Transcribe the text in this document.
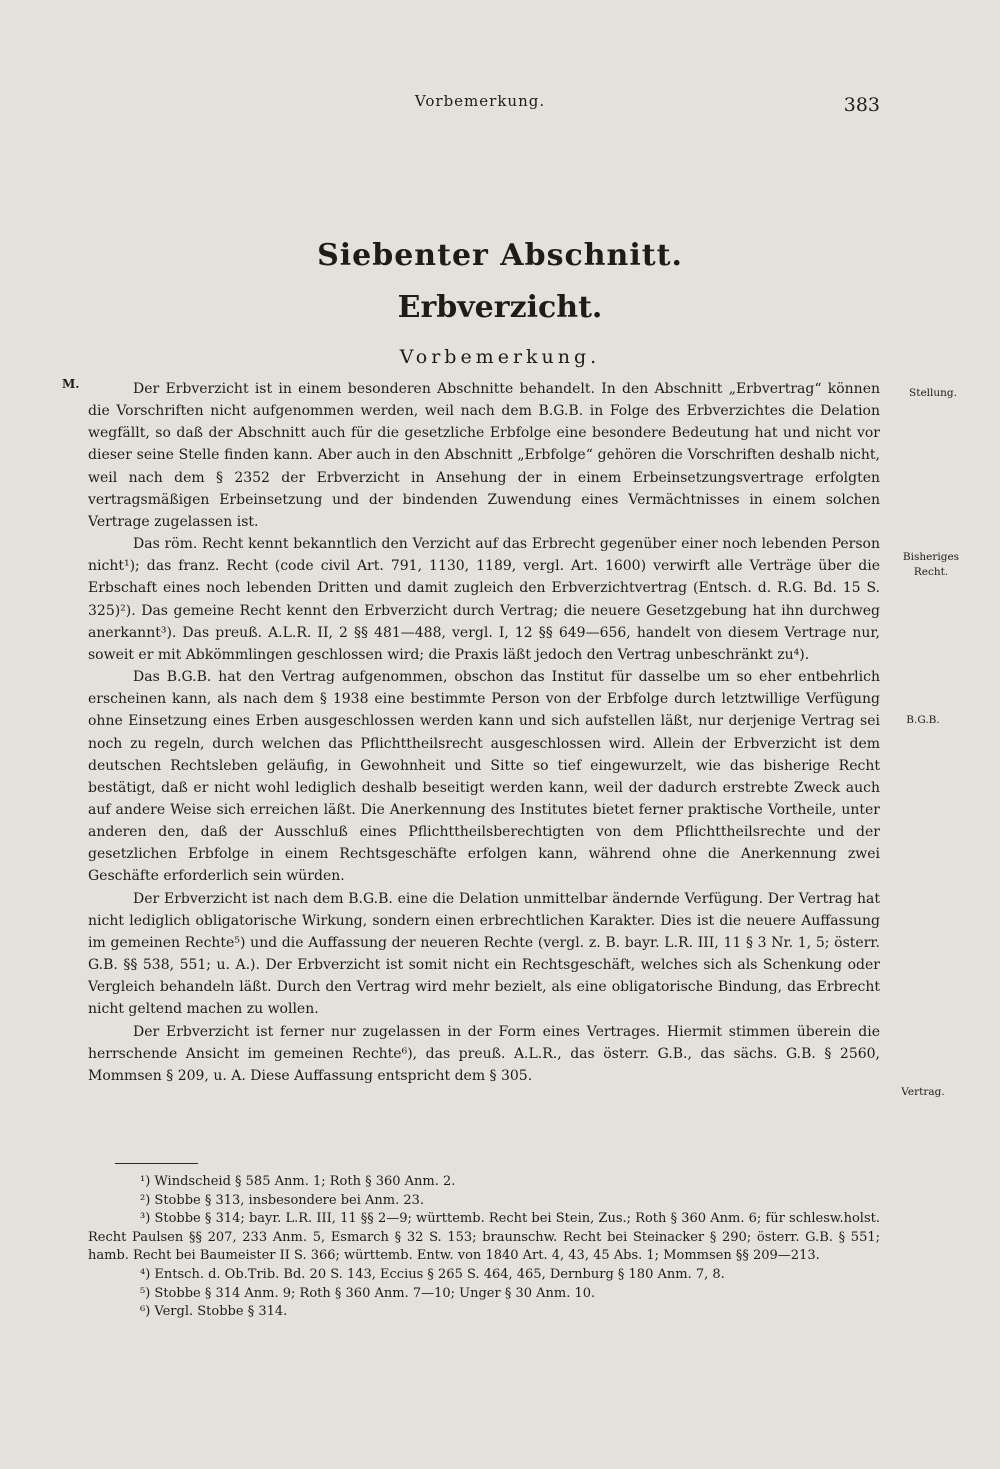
Vorbemerkung.	383
Siebenter Abschnitt.
Erbverzicht.
Vorbemerkung.
M.
Stellung.
Bisheriges Recht.
B.G.B.
Vertrag.

Der Erbverzicht ist in einem besonderen Abschnitte behandelt. In den Abschnitt „Erbvertrag“ können die Vorschriften nicht aufgenommen werden, weil nach dem B.G.B. in Folge des Erbverzichtes die Delation wegfällt, so daß der Abschnitt auch für die gesetzliche Erbfolge eine besondere Bedeutung hat und nicht vor dieser seine Stelle finden kann. Aber auch in den Abschnitt „Erbfolge“ gehören die Vorschriften deshalb nicht, weil nach dem § 2352 der Erbverzicht in Ansehung der in einem Erbeinsetzungsvertrage erfolgten vertragsmäßigen Erbeinsetzung und der bindenden Zuwendung eines Vermächtnisses in einem solchen Vertrage zugelassen ist.

Das röm. Recht kennt bekanntlich den Verzicht auf das Erbrecht gegenüber einer noch lebenden Person nicht¹); das franz. Recht (code civil Art. 791, 1130, 1189, vergl. Art. 1600) verwirft alle Verträge über die Erbschaft eines noch lebenden Dritten und damit zugleich den Erbverzichtvertrag (Entsch. d. R.G. Bd. 15 S. 325)²). Das gemeine Recht kennt den Erbverzicht durch Vertrag; die neuere Gesetzgebung hat ihn durchweg anerkannt³). Das preuß. A.L.R. II, 2 §§ 481—488, vergl. I, 12 §§ 649—656, handelt von diesem Vertrage nur, soweit er mit Abkömmlingen geschlossen wird; die Praxis läßt jedoch den Vertrag unbeschränkt zu⁴).

Das B.G.B. hat den Vertrag aufgenommen, obschon das Institut für dasselbe um so eher entbehrlich erscheinen kann, als nach dem § 1938 eine bestimmte Person von der Erbfolge durch letztwillige Verfügung ohne Einsetzung eines Erben ausgeschlossen werden kann und sich aufstellen läßt, nur derjenige Vertrag sei noch zu regeln, durch welchen das Pflichttheilsrecht ausgeschlossen wird. Allein der Erbverzicht ist dem deutschen Rechtsleben geläufig, in Gewohnheit und Sitte so tief eingewurzelt, wie das bisherige Recht bestätigt, daß er nicht wohl lediglich deshalb beseitigt werden kann, weil der dadurch erstrebte Zweck auch auf andere Weise sich erreichen läßt. Die Anerkennung des Institutes bietet ferner praktische Vortheile, unter anderen den, daß der Ausschluß eines Pflichttheilsberechtigten von dem Pflichttheilsrechte und der gesetzlichen Erbfolge in einem Rechtsgeschäfte erfolgen kann, während ohne die Anerkennung zwei Geschäfte erforderlich sein würden.

Der Erbverzicht ist nach dem B.G.B. eine die Delation unmittelbar ändernde Verfügung. Der Vertrag hat nicht lediglich obligatorische Wirkung, sondern einen erbrechtlichen Karakter. Dies ist die neuere Auffassung im gemeinen Rechte⁵) und die Auffassung der neueren Rechte (vergl. z. B. bayr. L.R. III, 11 § 3 Nr. 1, 5; österr. G.B. §§ 538, 551; u. A.). Der Erbverzicht ist somit nicht ein Rechtsgeschäft, welches sich als Schenkung oder Vergleich behandeln läßt. Durch den Vertrag wird mehr bezielt, als eine obligatorische Bindung, das Erbrecht nicht geltend machen zu wollen.

Der Erbverzicht ist ferner nur zugelassen in der Form eines Vertrages. Hiermit stimmen überein die herrschende Ansicht im gemeinen Rechte⁶), das preuß. A.L.R., das österr. G.B., das sächs. G.B. § 2560, Mommsen § 209, u. A. Diese Auffassung entspricht dem § 305.

¹) Windscheid § 585 Anm. 1; Roth § 360 Anm. 2.

²) Stobbe § 313, insbesondere bei Anm. 23.

³) Stobbe § 314; bayr. L.R. III, 11 §§ 2—9; württemb. Recht bei Stein, Zus.; Roth § 360 Anm. 6; für schlesw.holst. Recht Paulsen §§ 207, 233 Anm. 5, Esmarch § 32 S. 153; braunschw. Recht bei Steinacker § 290; österr. G.B. § 551; hamb. Recht bei Baumeister II S. 366; württemb. Entw. von 1840 Art. 4, 43, 45 Abs. 1; Mommsen §§ 209—213.

⁴) Entsch. d. Ob.Trib. Bd. 20 S. 143, Eccius § 265 S. 464, 465, Dernburg § 180 Anm. 7, 8.

⁵) Stobbe § 314 Anm. 9; Roth § 360 Anm. 7—10; Unger § 30 Anm. 10.

⁶) Vergl. Stobbe § 314.
